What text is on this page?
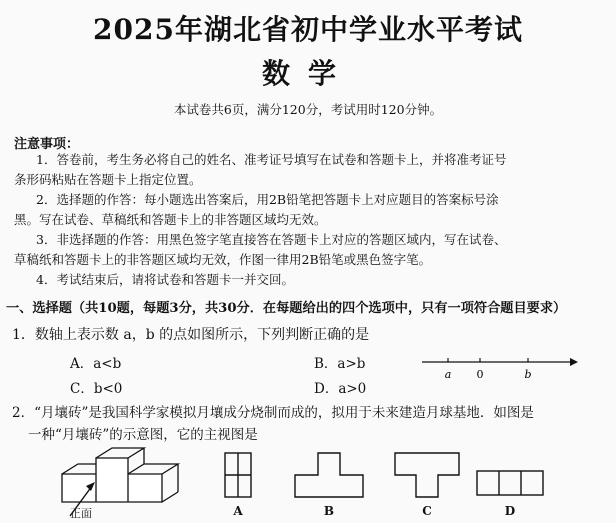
2025年湖北省初中学业水平考试
数学
本试卷共6页，满分120分，考试用时120分钟。
注意事项：
1．答卷前，考生务必将自己的姓名、准考证号填写在试卷和答题卡上，并将准考证号
条形码粘贴在答题卡上指定位置。
2．选择题的作答：每小题选出答案后，用2B铅笔把答题卡上对应题目的答案标号涂
黑。写在试卷、草稿纸和答题卡上的非答题区域均无效。
3．非选择题的作答：用黑色签字笔直接答在答题卡上对应的答题区域内，写在试卷、
草稿纸和答题卡上的非答题区域均无效，作图一律用2B铅笔或黑色签字笔。
4．考试结束后，请将试卷和答题卡一并交回。
一、选择题（共10题，每题3分，共30分．在每题给出的四个选项中，只有一项符合题目要求）
1．数轴上表示数 a，b 的点如图所示，下列判断正确的是
A．a<b	B．a>b
C．b<0	D．a>0
a 0	b
2．“月壤砖”是我国科学家模拟月壤成分烧制而成的，拟用于未来建造月球基地．如图是
一种“月壤砖”的示意图，它的主视图是
正面	A	B	C	D
